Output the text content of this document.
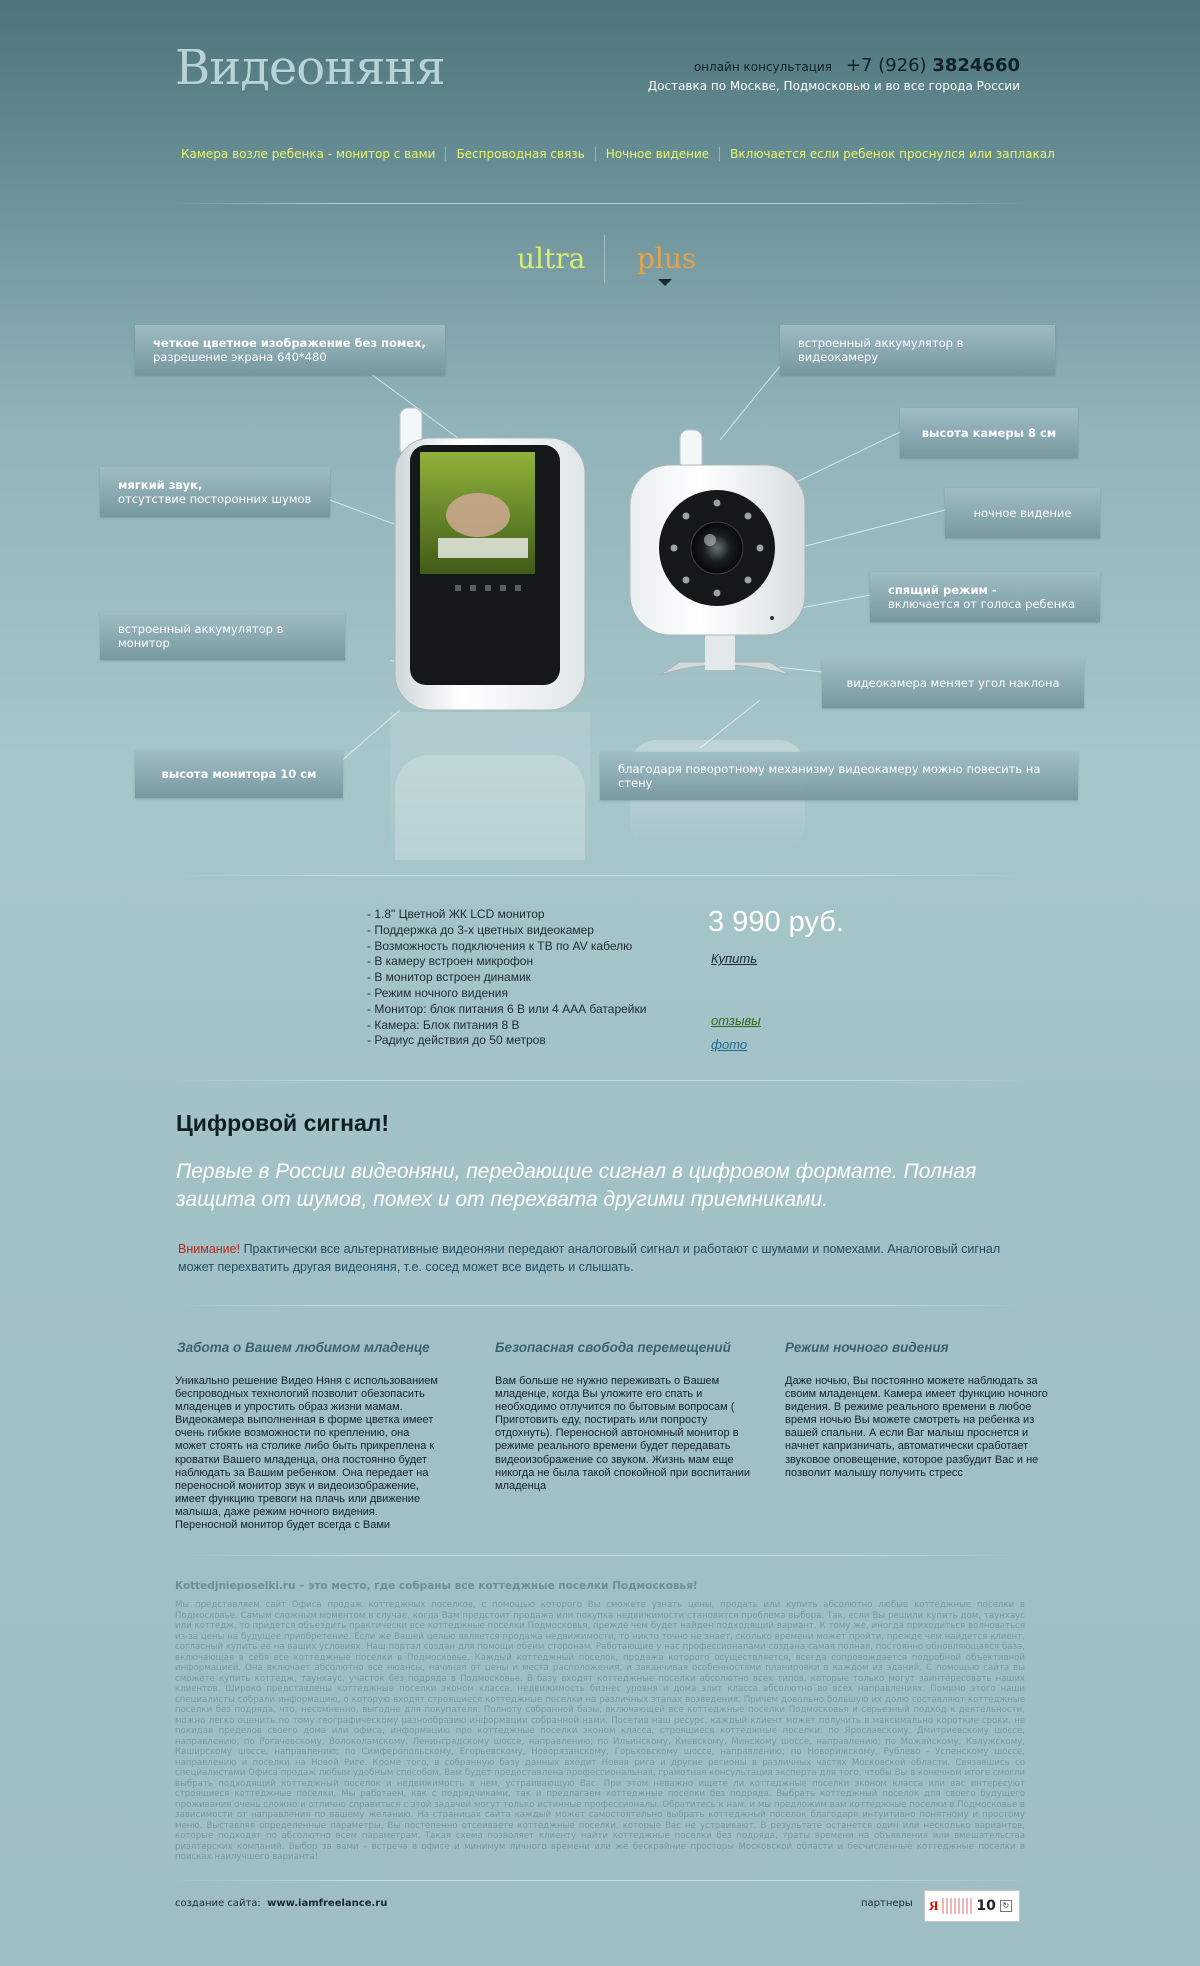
Видеоняня	онлайн консультация +7 (926) 3824660
Доставка по Москве, Подмосковью и во все города России
Камера возле ребенка - монитор с вами	Беспроводная связь	Ночное видение	Включается если ребенок проснулся или заплакал
ultra plus
четкое цветное изображение без помех,
разрешение экрана 640*480
мягкий звук,
отсутствие посторонних шумов
встроенный аккумулятор в монитор
высота монитора 10 см
встроенный аккумулятор в видеокамеру
высота камеры 8 см
ночное видение
спящий режим -
включается от голоса ребенка
видеокамера меняет угол наклона
благодаря поворотному механизму видеокамеру можно повесить на стену
- 1.8" Цветной ЖК LCD монитор
- Поддержка до 3-х цветных видеокамер
- Возможность подключения к ТВ по AV кабелю
- В камеру встроен микрофон
- В монитор встроен динамик
- Режим ночного видения
- Монитор: блок питания 6 В или 4 ААА батарейки
- Камера: Блок питания 8 В
- Радиус действия до 50 метров
3 990 руб.
Купить
отзывы
фото
Цифровой сигнал!

Первые в России видеоняни, передающие сигнал в цифровом формате. Полная защита от шумов, помех и от перехвата другими приемниками.

Внимание! Практически все альтернативные видеоняни передают аналоговый сигнал и работают с шумами и помехами. Аналоговый сигнал может перехватить другая видеоняня, т.е. сосед может все видеть и слышать.

Забота о Вашем любимом младенце

Уникально решение Видео Няня с использованием беспроводных технологий позволит обезопасить младенцев и упростить образ жизни мамам. Видеокамера выполненная в форме цветка имеет очень гибкие возможности по креплению, она может стоять на столике либо быть прикреплена к кроватки Вашего младенца, она постоянно будет наблюдать за Вашим ребенком. Она передает на переносной монитор звук и видеоизображение, имеет функцию тревоги на плачь или движение малыша, даже режим ночного видения. Переносной монитор будет всегда с Вами

Безопасная свобода перемещений

Вам больше не нужно переживать о Вашем младенце, когда Вы уложите его спать и необходимо отлучится по бытовым вопросам ( Приготовить еду, постирать или попросту отдохнуть). Переносной автономный монитор в режиме реального времени будет передавать видеоизображение со звуком. Жизнь мам еще никогда не была такой спокойной при воспитании младенца

Режим ночного видения

Даже ночью, Вы постоянно можете наблюдать за своим младенцем. Камера имеет функцию ночного видения. В режиме реального времени в любое время ночью Вы можете смотреть на ребенка из вашей спальни. А если Ваг малыш проснется и начнет капризничать, автоматически сработает звуковое оповещение, которое разбудит Вас и не позволит малышу получить стресс

Kottedjnieposelki.ru – это место, где собраны все коттеджные поселки Подмосковья!

Мы представляем сайт Офиса продаж коттеджных поселков, с помощью которого Вы сможете узнать цены, продать или купить абсолютно любые коттеджные поселки в Подмосковье. Самым сложным моментом в случае, когда Вам предстоит продажа или покупка недвижимости становится проблема выбора. Так, если Вы решили купить дом, таунхаус или коттедж, то придется объездить практически все коттеджные поселки Подмосковья, прежде чем будет найден подходящий вариант. К тому же, иногда приходиться волноваться из-за цены на будущее приобретение. Если же Вашей целью является продажа недвижимости, то никто точно не знает, сколько времени может пройти, прежде чем найдется клиент, согласный купить ее на ваших условиях. Наш портал создан для помощи обеим сторонам. Работающие у нас профессионалами создана самая полная, постоянно обновляющаяся база, включающая в себя все коттеджные поселки в Подмосковье. Каждый коттеджный поселок, продажа которого осуществляется, всегда сопровождается подробной объективной информацией. Она включает абсолютно все нюансы, начиная от цены и места расположения, и заканчивая особенностями планировки в каждом из зданий. С помощью сайта вы сможете купить коттедж, таунхаус, участок без подряда в Подмосковье. В базу входят коттеджные поселки абсолютно всех типов, которые только могут заинтересовать наших клиентов. Широко представлены коттеджные поселки эконом класса, недвижимость бизнес уровня и дома элит класса абсолютно во всех направлениях. Помимо этого наши специалисты собрали информацию, о которую входят строящиеся коттеджные поселки на различных этапах возведения. Причем довольно большую их долю составляют коттеджные поселки без подряда, что, несомненно, выгодне для покупателя. Полноту собранной базы, включающей все коттеджные поселки Подмосковья и серьезный подход к деятельности, можно легко оценить по тому географическому разнообразию информации собранной нами. Посетив наш ресурс, каждый клиент может получить в максимально короткие сроки, не покидая пределов своего дома или офиса, информацию про коттеджные поселки эконом класса, строящиеся коттеджные поселки: по Ярославскому, Дмитриевскому шоссе, направлению; по Рогачевскому, Волоколамскому, Ленинградскому шоссе, направлению; по Ильинскому, Киевскому, Минскому шоссе, направлению; по Можайскому, Калужскому, Каширскому шоссе, направлению; по Симферопольскому, Егорьевскому, Новорязанскому, Горьковскому шоссе, направлению; по Новорижскому, Рублево - Успенскому шоссе, направлению и поселки на Новой Риге. Кроме того, в собранную базу данных входит Новая рига и другие регионы в различных частях Московской области. Связавшись со специалистами Офиса продаж любым удобным способом, Вам будет предоставлена профессиональная, грамотная консультация эксперта для того, чтобы Вы в конечном итоге смогли выбрать подходящий коттеджный поселок и недвижимость в нем, устраивающую Вас. При этом неважно ищете ли коттеджные поселки эконом класса или вас интересуют строящиеся коттеджные поселки. Мы работаем, как с подрядчиками, так и предлагаем коттеджные поселки без подряда. Выбрать коттеджный поселок для своего будущего проживания очень сложно и отлично справиться с этой задачей могут только истинные профессионалы. Обратитесь к нам, и мы предложим вам коттеджные поселки в Подмосковье в зависимости от направления по вашему желанию. На страницах сайта каждый может самостоятельно выбрать коттеджный поселок благодаря интуитивно понятному и простому меню. Выставляя определенные параметры, Вы постепенно отсеиваете коттеджные поселки, которые Вас не устраивают. В результате останется один или несколько вариантов, которые подходят по абсолютно всем параметрам. Такая схема позволяет клиенту найти коттеджные поселки без подряда, траты времени на объявления или вмешательства риэлтерских компаний. Выбор за вами – встреча в офисе и минимум личного времени или же бескрайние просторы Московской области и бесчисленные коттеджные поселки в поисках наилучшего варианта!

создание сайта: www.iamfreelance.ru	партнеры Я	10 ↻
